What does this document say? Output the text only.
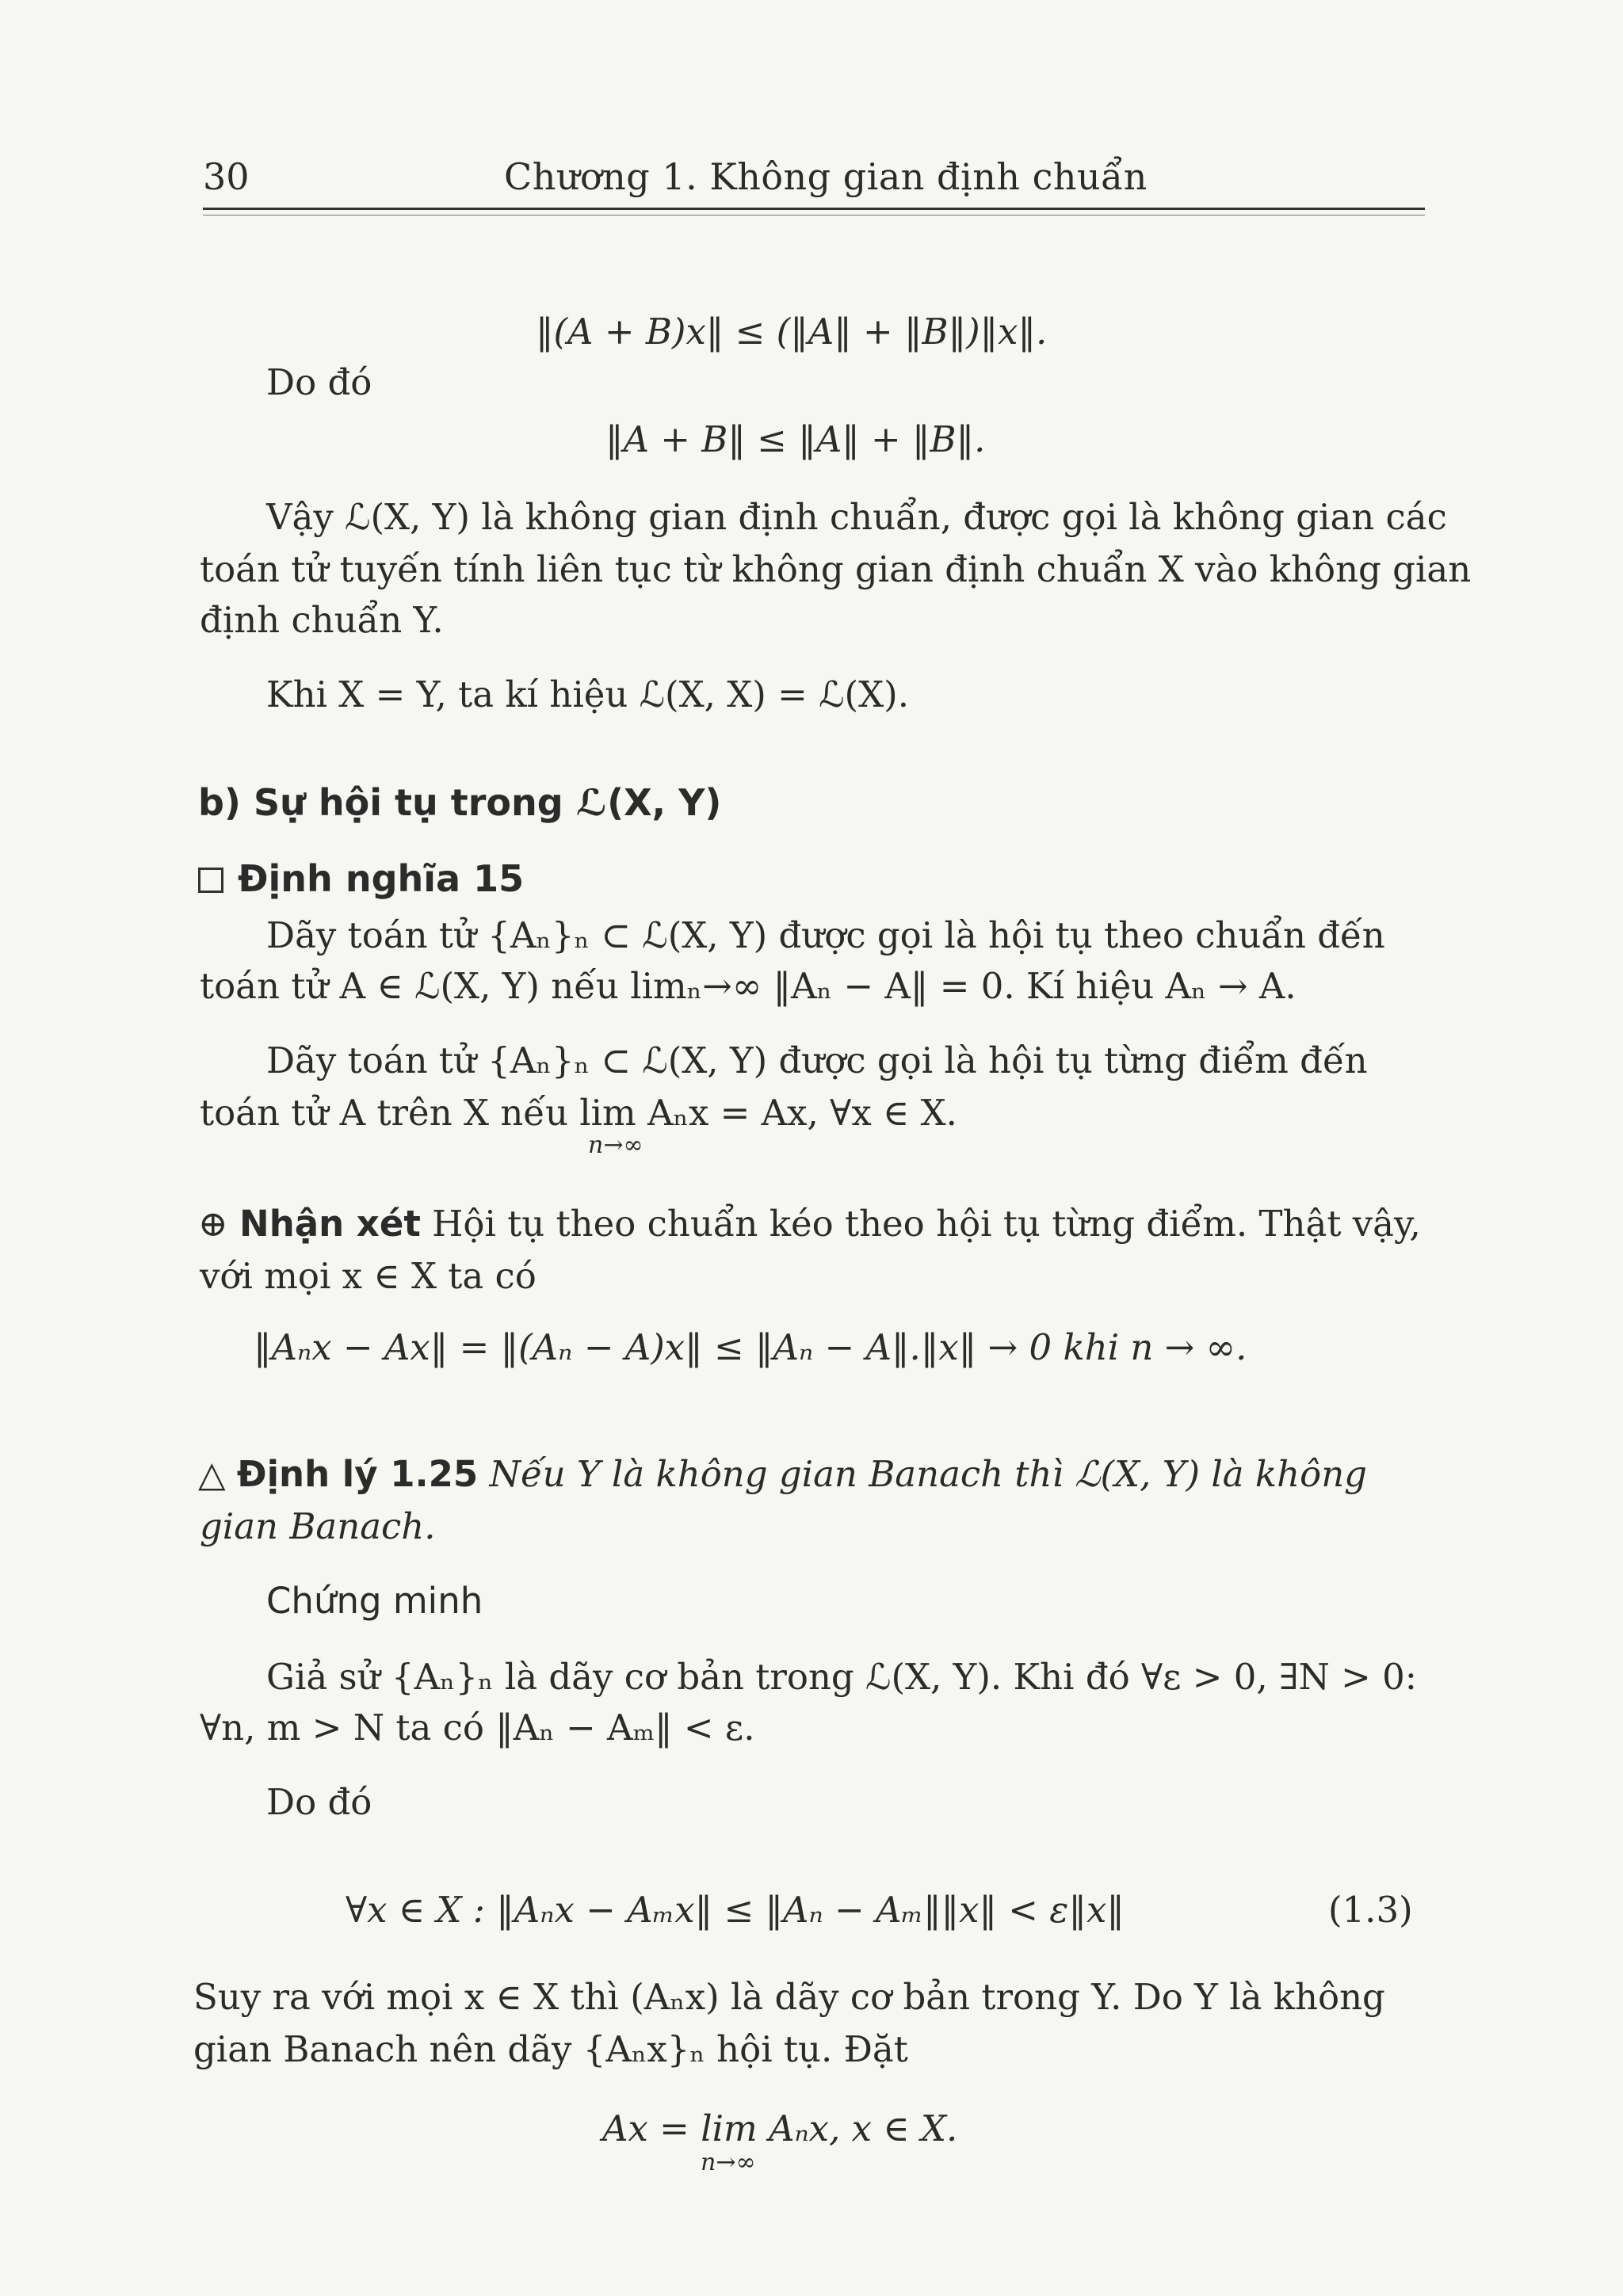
30	Chương 1. Không gian định chuẩn
‖(A + B)x‖ ≤ (‖A‖ + ‖B‖)‖x‖.
Do đó
‖A + B‖ ≤ ‖A‖ + ‖B‖.
Vậy ℒ(X, Y) là không gian định chuẩn, được gọi là không gian các
toán tử tuyến tính liên tục từ không gian định chuẩn X vào không gian
định chuẩn Y.
Khi X = Y, ta kí hiệu ℒ(X, X) = ℒ(X).
b) Sự hội tụ trong ℒ(X, Y)
Định nghĩa 15
Dãy toán tử {Aₙ}ₙ ⊂ ℒ(X, Y) được gọi là hội tụ theo chuẩn đến
toán tử A ∈ ℒ(X, Y) nếu limₙ→∞ ‖Aₙ − A‖ = 0. Kí hiệu Aₙ → A.
Dãy toán tử {Aₙ}ₙ ⊂ ℒ(X, Y) được gọi là hội tụ từng điểm đến
toán tử A trên X nếu lim Aₙx = Ax, ∀x ∈ X.
n→∞
⊕ Nhận xét Hội tụ theo chuẩn kéo theo hội tụ từng điểm. Thật vậy,
với mọi x ∈ X ta có
‖Aₙx − Ax‖ = ‖(Aₙ − A)x‖ ≤ ‖Aₙ − A‖.‖x‖ → 0 khi n → ∞.
△ Định lý 1.25 Nếu Y là không gian Banach thì ℒ(X, Y) là không
gian Banach.
Chứng minh
Giả sử {Aₙ}ₙ là dãy cơ bản trong ℒ(X, Y). Khi đó ∀ε > 0, ∃N > 0:
∀n, m > N ta có ‖Aₙ − Aₘ‖ < ε.
Do đó
∀x ∈ X : ‖Aₙx − Aₘx‖ ≤ ‖Aₙ − Aₘ‖‖x‖ < ε‖x‖	(1.3)
Suy ra với mọi x ∈ X thì (Aₙx) là dãy cơ bản trong Y. Do Y là không
gian Banach nên dãy {Aₙx}ₙ hội tụ. Đặt
Ax = lim Aₙx, x ∈ X.
n→∞
